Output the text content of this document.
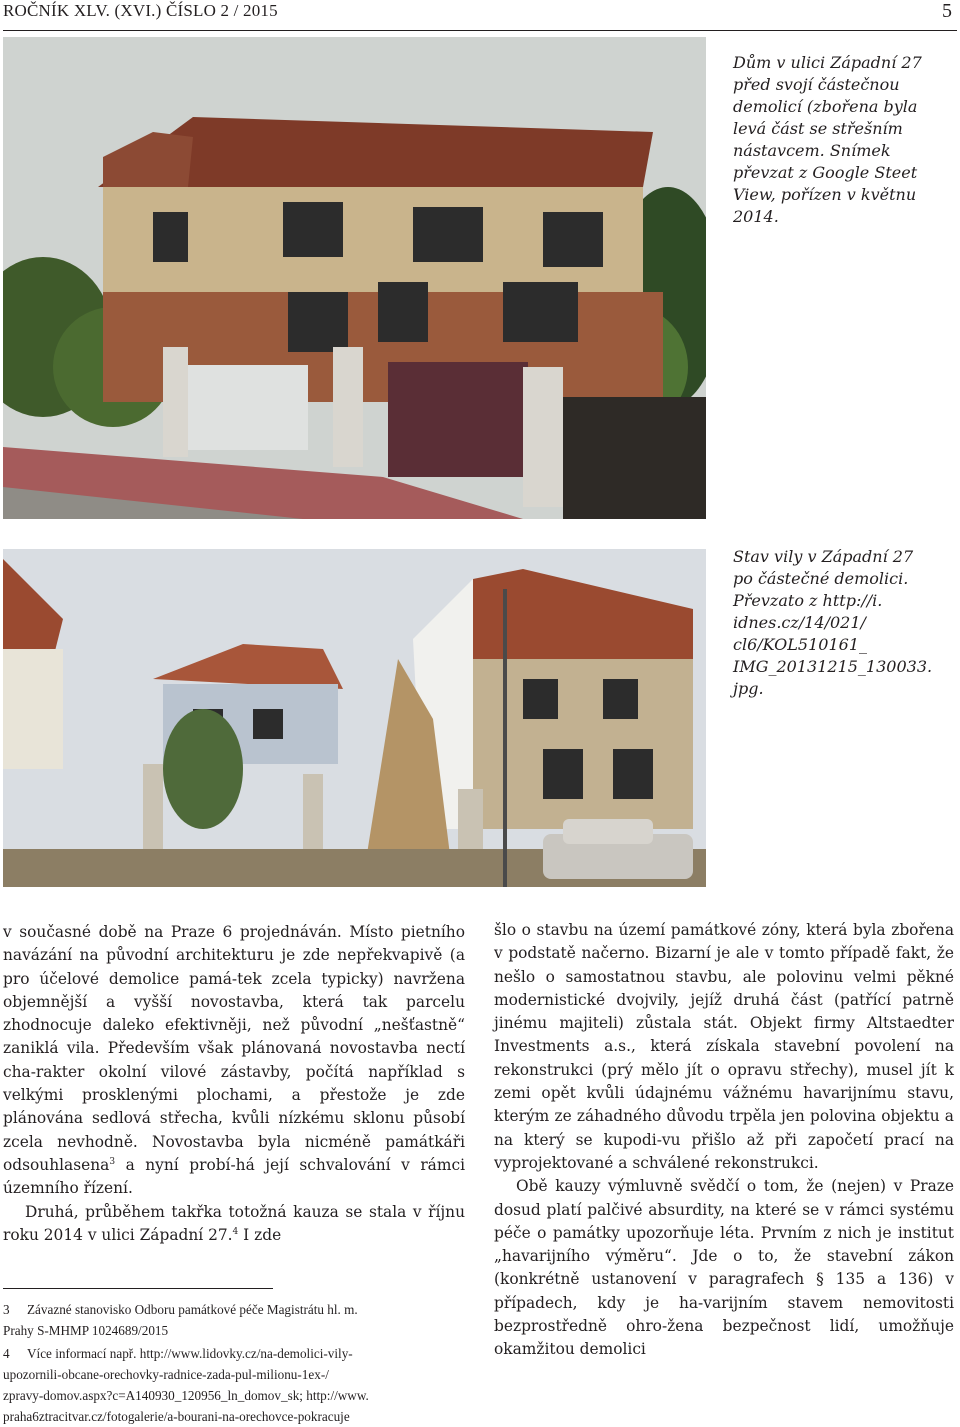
ROČNÍK XLV. (XVI.) ČÍSLO 2 / 2015	5
Dům v ulici Západní 27
před svojí částečnou
demolicí (zbořena byla
levá část se střešním
nástavcem. Snímek
převzat z Google Steet
View, pořízen v květnu
2014.
Stav vily v Západní 27
po částečné demolici.
Převzato z http://i.
idnes.cz/14/021/
cl6/KOL510161_
IMG_20131215_130033.
jpg.

v současné době na Praze 6 projednáván. Místo pietního navázání na původní architekturu je zde nepřekvapivě (a pro účelové demolice pamá-tek zcela typicky) navržena objemnější a vyšší novostavba, která tak parcelu zhodnocuje daleko efektivněji, než původní „nešťastně“ zaniklá vila. Především však plánovaná novostavba nectí cha-rakter okolní vilové zástavby, počítá například s velkými prosklenými plochami, a přestože je zde plánována sedlová střecha, kvůli nízkému sklonu působí zcela nevhodně. Novostavba byla nicméně památkáři odsouhlasena$^3$ a nyní probí-há její schvalování v rámci územního řízení.

Druhá, průběhem takřka totožná kauza se stala v říjnu roku 2014 v ulici Západní 27.$^4$ I zde

šlo o stavbu na území památkové zóny, která byla zbořena v podstatě načerno. Bizarní je ale v tomto případě fakt, že nešlo o samostatnou stavbu, ale polovinu velmi pěkné modernistické dvojvily, jejíž druhá část (patřící patrně jinému majiteli) zůstala stát. Objekt firmy Altstaedter Investments a.s., která získala stavební povolení na rekonstrukci (prý mělo jít o opravu střechy), musel jít k zemi opět kvůli údajnému vážnému havarijnímu stavu, kterým ze záhadného důvodu trpěla jen polovina objektu a na který se kupodi-vu přišlo až při započetí prací na vyprojektované a schválené rekonstrukci.

Obě kauzy výmluvně svědčí o tom, že (nejen) v Praze dosud platí palčivé absurdity, na které se v rámci systému péče o památky upozorňuje léta. Prvním z nich je institut „havarijního výměru“. Jde o to, že stavební zákon (konkrétně ustanovení v paragrafech § 135 a 136) v případech, kdy je ha-varijním stavem nemovitosti bezprostředně ohro-žena bezpečnost lidí, umožňuje okamžitou demolici

3 Závazné stanovisko Odboru památkové péče Magistrátu hl. m.
Prahy S-MHMP 1024689/2015
4 Více informací např. http://www.lidovky.cz/na-demolici-vily-
upozornili-obcane-orechovky-radnice-zada-pul-milionu-1ex-/
zpravy-domov.aspx?c=A140930_120956_ln_domov_sk; http://www.
praha6ztracitvar.cz/fotogalerie/a-bourani-na-orechovce-pokracuje
